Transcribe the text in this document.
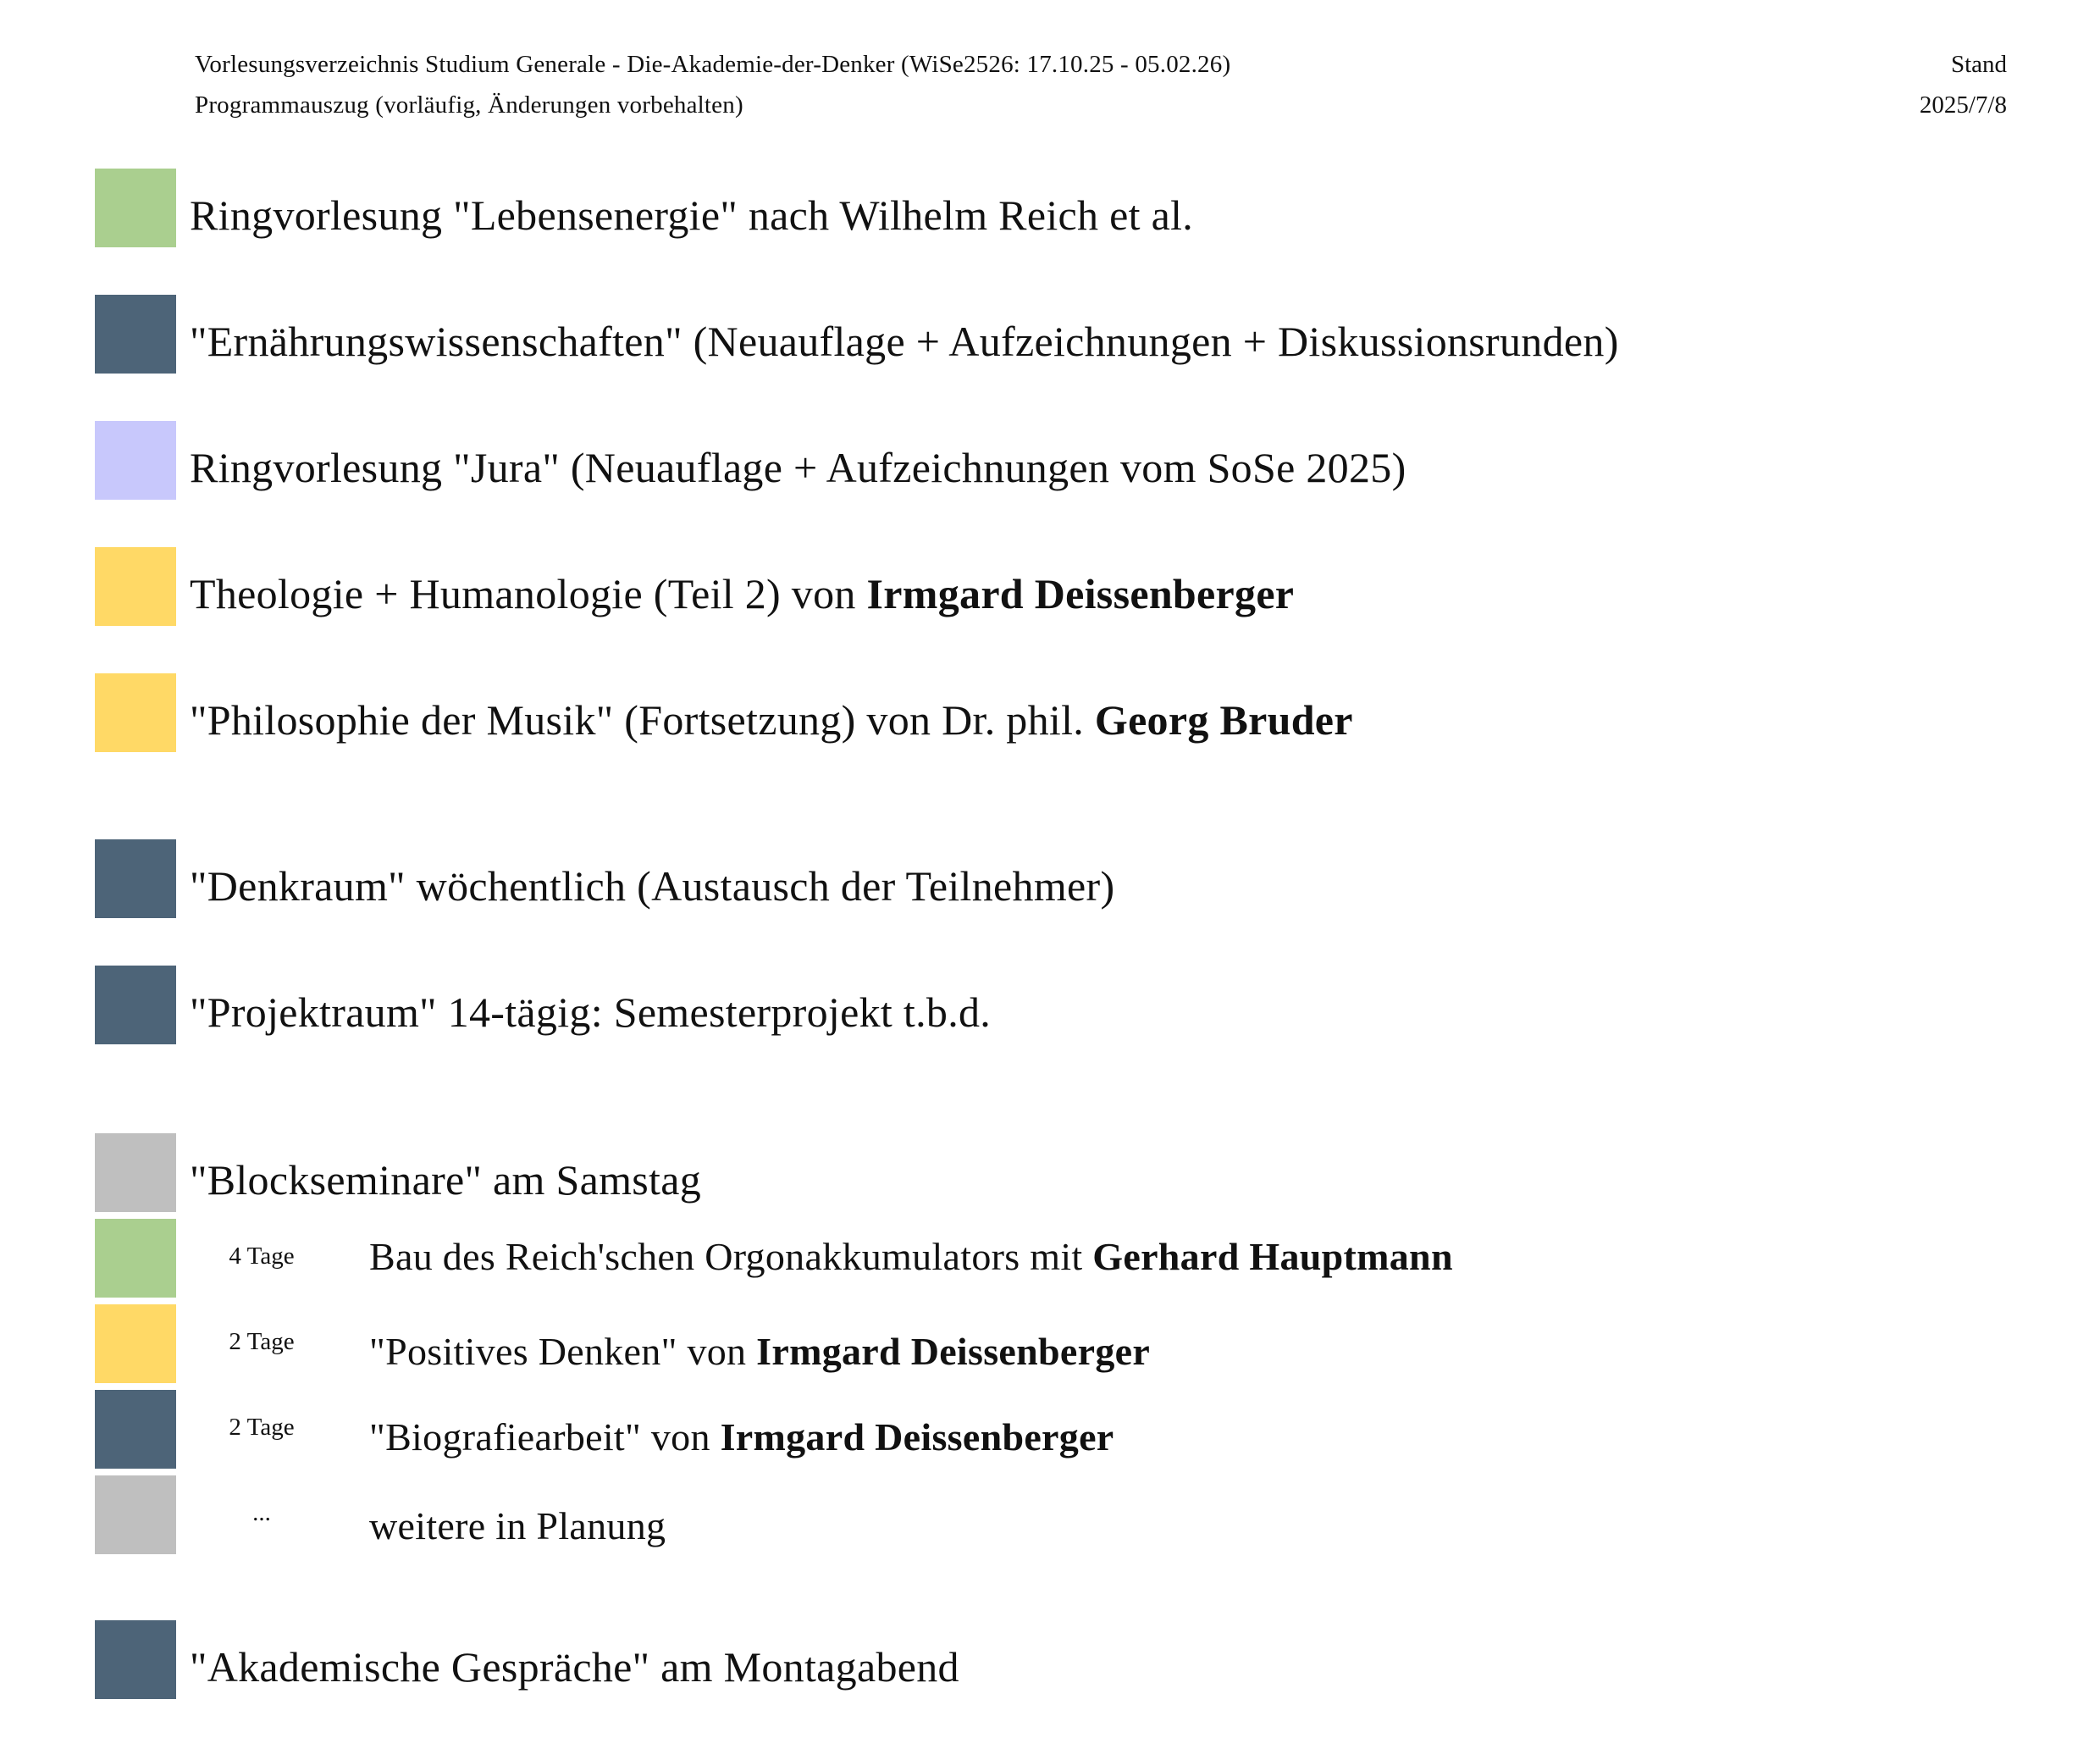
Vorlesungsverzeichnis Studium Generale - Die-Akademie-der-Denker (WiSe2526: 17.10.25 - 05.02.26)
Programmauszug (vorläufig, Änderungen vorbehalten)
Stand
2025/7/8
Ringvorlesung "Lebensenergie" nach Wilhelm Reich et al.
"Ernährungswissenschaften" (Neuauflage + Aufzeichnungen + Diskussionsrunden)
Ringvorlesung "Jura" (Neuauflage + Aufzeichnungen vom SoSe 2025)
Theologie + Humanologie (Teil 2) von Irmgard Deissenberger
"Philosophie der Musik" (Fortsetzung) von Dr. phil. Georg Bruder
"Denkraum" wöchentlich (Austausch der Teilnehmer)
"Projektraum" 14-tägig: Semesterprojekt t.b.d.
"Blockseminare" am Samstag
4 Tage Bau des Reich'schen Orgonakkumulators mit Gerhard Hauptmann
2 Tage "Positives Denken" von Irmgard Deissenberger
2 Tage "Biografiearbeit" von Irmgard Deissenberger
...	weitere in Planung
"Akademische Gespräche" am Montagabend
